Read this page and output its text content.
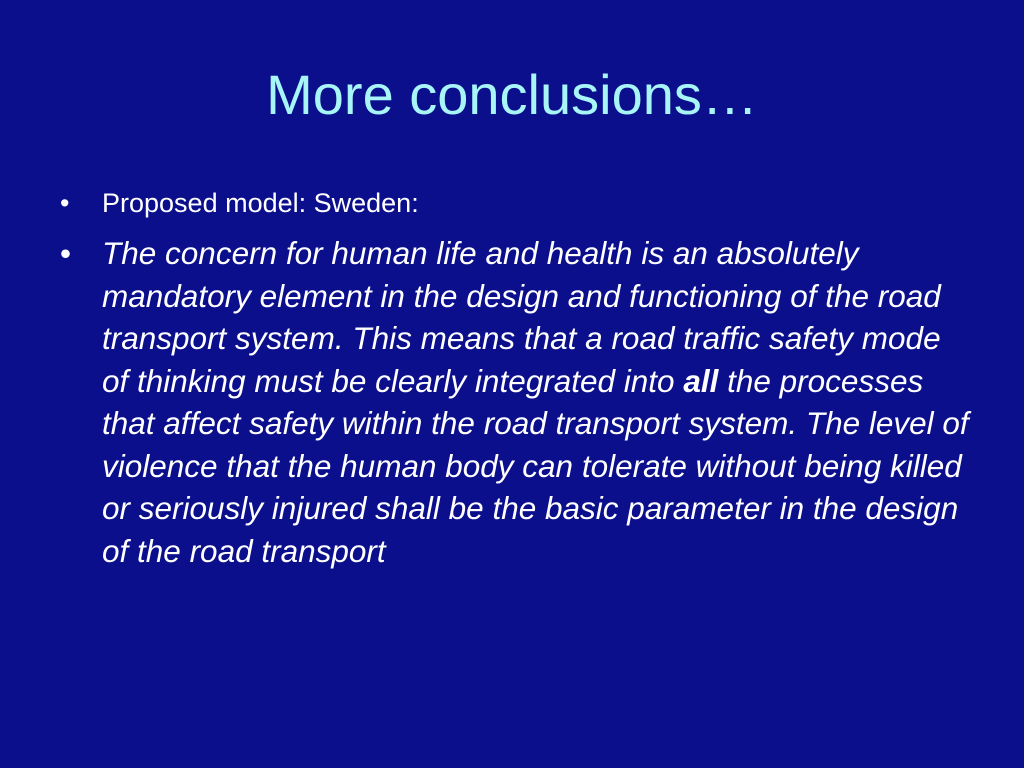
More conclusions…
• Proposed model: Sweden:
• The concern for human life and health is an absolutely mandatory element in the design and functioning of the road transport system. This means that a road traffic safety mode of thinking must be clearly integrated into all the processes that affect safety within the road transport system. The level of violence that the human body can tolerate without being killed or seriously injured shall be the basic parameter in the design of the road transport
